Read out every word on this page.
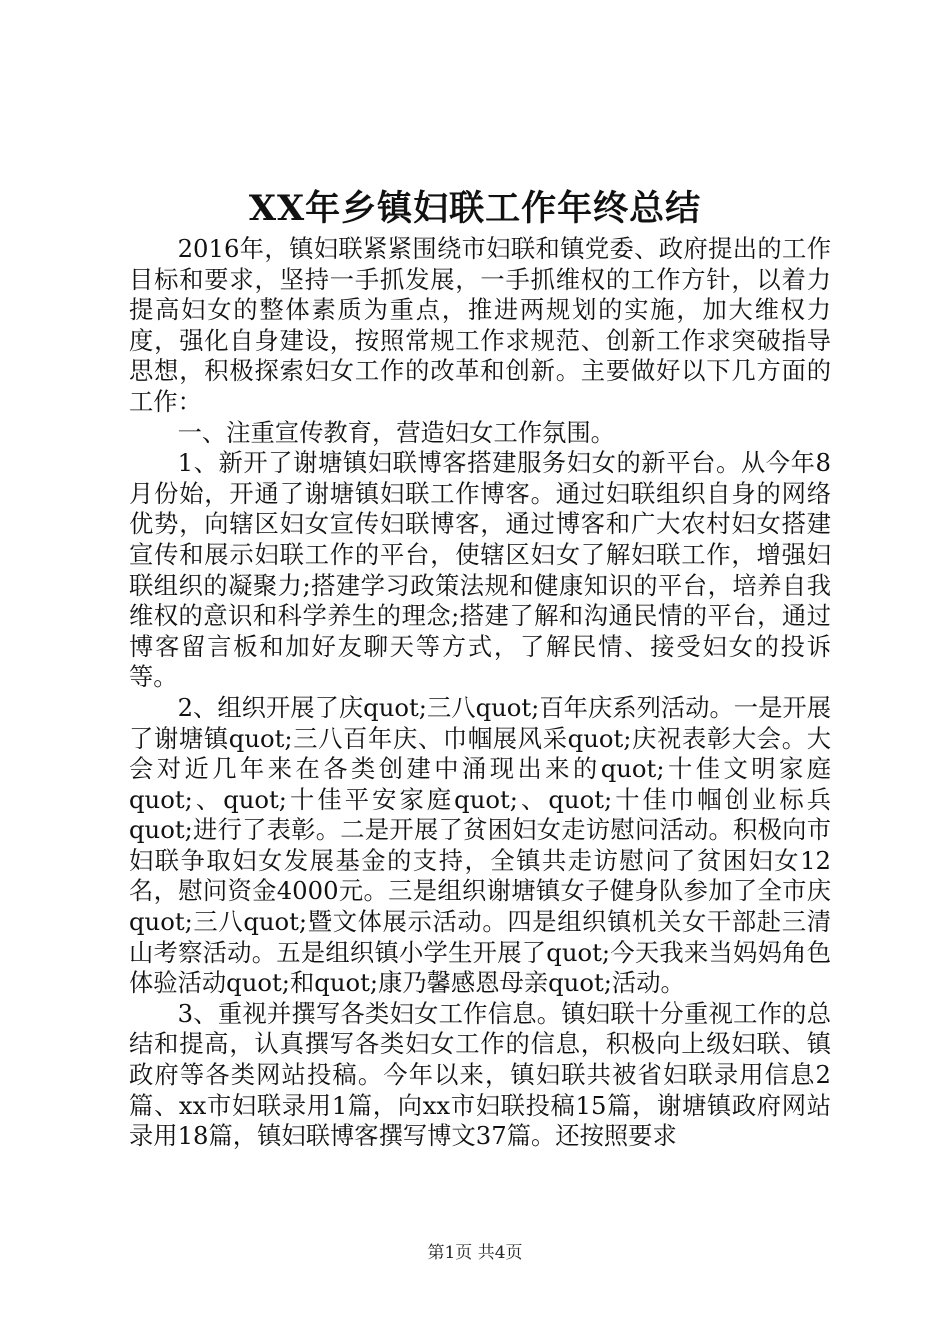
XX年乡镇妇联工作年终总结

2016年，镇妇联紧紧围绕市妇联和镇党委、政府提出的工作目标和要求，坚持一手抓发展，一手抓维权的工作方针，以着力提高妇女的整体素质为重点，推进两规划的实施，加大维权力度，强化自身建设，按照常规工作求规范、创新工作求突破指导思想，积极探索妇女工作的改革和创新。主要做好以下几方面的工作：

一、注重宣传教育，营造妇女工作氛围。

1、新开了谢塘镇妇联博客搭建服务妇女的新平台。从今年8月份始，开通了谢塘镇妇联工作博客。通过妇联组织自身的网络优势，向辖区妇女宣传妇联博客，通过博客和广大农村妇女搭建宣传和展示妇联工作的平台，使辖区妇女了解妇联工作，增强妇联组织的凝聚力;搭建学习政策法规和健康知识的平台，培养自我维权的意识和科学养生的理念;搭建了解和沟通民情的平台，通过博客留言板和加好友聊天等方式，了解民情、接受妇女的投诉等。

2、组织开展了庆quot;三八quot;百年庆系列活动。一是开展了谢塘镇quot;三八百年庆、巾帼展风采quot;庆祝表彰大会。大会对近几年来在各类创建中涌现出来的quot;十佳文明家庭quot;、quot;十佳平安家庭quot;、quot;十佳巾帼创业标兵quot;进行了表彰。二是开展了贫困妇女走访慰问活动。积极向市妇联争取妇女发展基金的支持，全镇共走访慰问了贫困妇女12名，慰问资金4000元。三是组织谢塘镇女子健身队参加了全市庆quot;三八quot;暨文体展示活动。四是组织镇机关女干部赴三清山考察活动。五是组织镇小学生开展了quot;今天我来当妈妈角色体验活动quot;和quot;康乃馨感恩母亲quot;活动。

3、重视并撰写各类妇女工作信息。镇妇联十分重视工作的总结和提高，认真撰写各类妇女工作的信息，积极向上级妇联、镇政府等各类网站投稿。今年以来，镇妇联共被省妇联录用信息2篇、xx市妇联录用1篇，向xx市妇联投稿15篇，谢塘镇政府网站录用18篇，镇妇联博客撰写博文37篇。还按照要求

第1页 共4页
